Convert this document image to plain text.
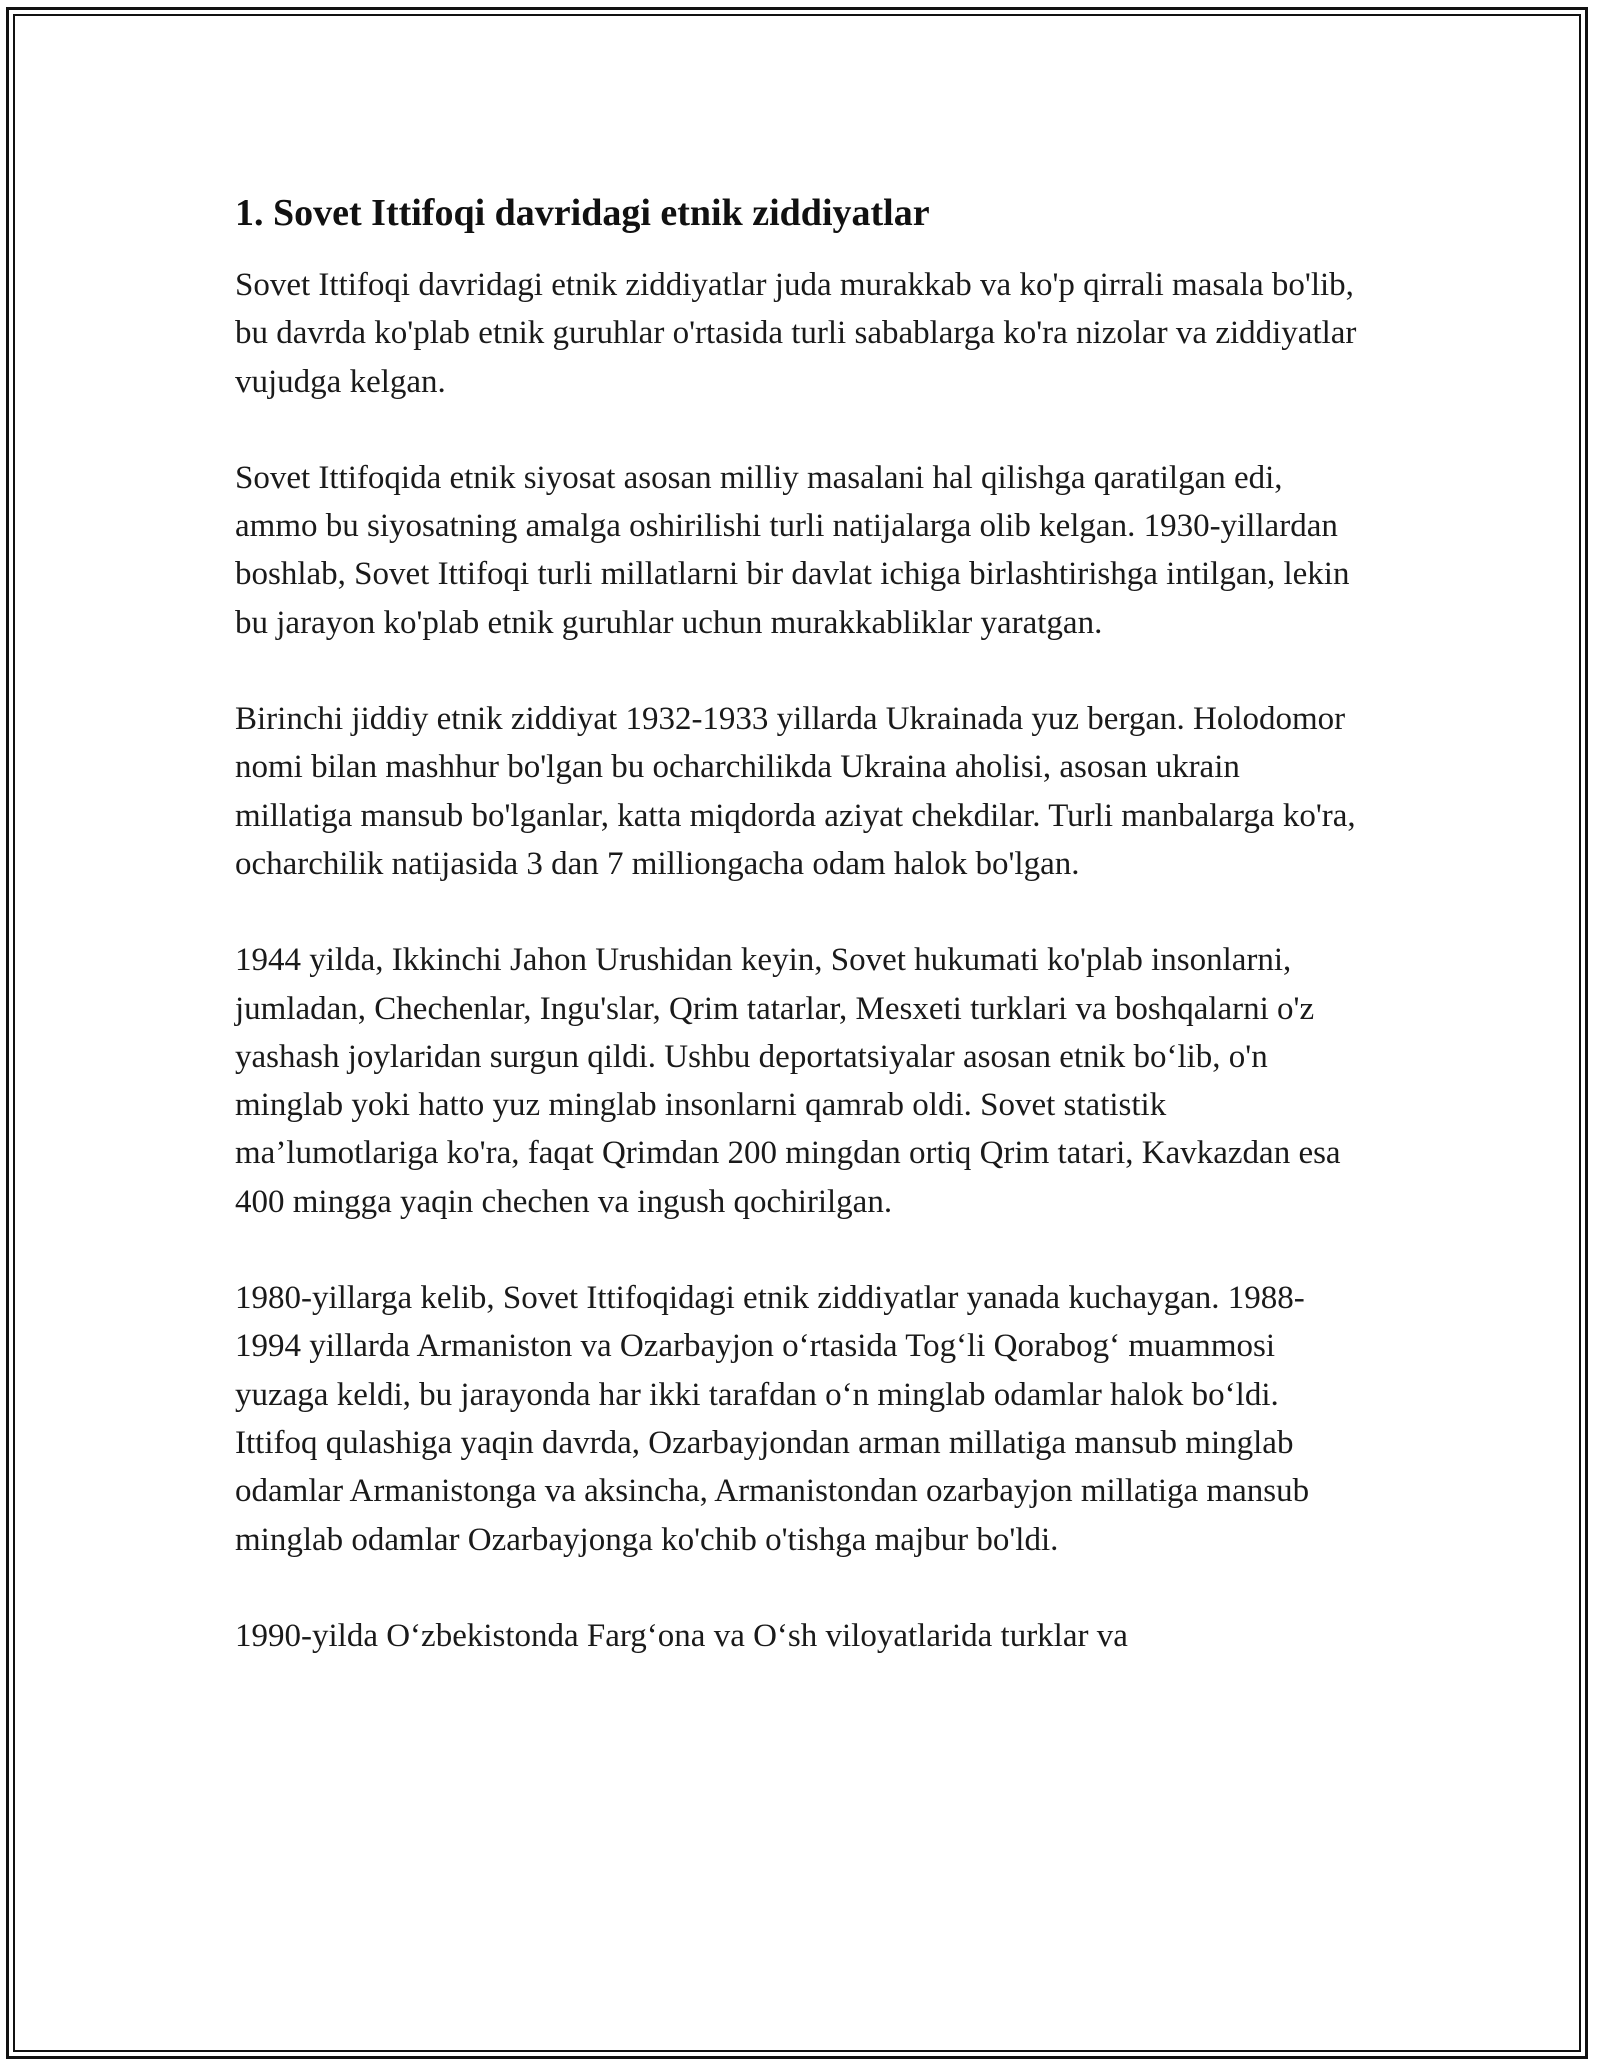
1. Sovet Ittifoqi davridagi etnik ziddiyatlar

Sovet Ittifoqi davridagi etnik ziddiyatlar juda murakkab va ko'p qirrali masala bo'lib, bu davrda ko'plab etnik guruhlar o'rtasida turli sabablarga ko'ra nizolar va ziddiyatlar vujudga kelgan.

Sovet Ittifoqida etnik siyosat asosan milliy masalani hal qilishga qaratilgan edi, ammo bu siyosatning amalga oshirilishi turli natijalarga olib kelgan. 1930-yillardan boshlab, Sovet Ittifoqi turli millatlarni bir davlat ichiga birlashtirishga intilgan, lekin bu jarayon ko'plab etnik guruhlar uchun murakkabliklar yaratgan.

Birinchi jiddiy etnik ziddiyat 1932-1933 yillarda Ukrainada yuz bergan. Holodomor nomi bilan mashhur bo'lgan bu ocharchilikda Ukraina aholisi, asosan ukrain millatiga mansub bo'lganlar, katta miqdorda aziyat chekdilar. Turli manbalarga ko'ra, ocharchilik natijasida 3 dan 7 milliongacha odam halok bo'lgan.

1944 yilda, Ikkinchi Jahon Urushidan keyin, Sovet hukumati ko'plab insonlarni, jumladan, Chechenlar, Ingu'slar, Qrim tatarlar, Mesxeti turklari va boshqalarni o'z yashash joylaridan surgun qildi. Ushbu deportatsiyalar asosan etnik bo‘lib, o'n minglab yoki hatto yuz minglab insonlarni qamrab oldi. Sovet statistik ma’lumotlariga ko'ra, faqat Qrimdan 200 mingdan ortiq Qrim tatari, Kavkazdan esa 400 mingga yaqin chechen va ingush qochirilgan.

1980-yillarga kelib, Sovet Ittifoqidagi etnik ziddiyatlar yanada kuchaygan. 1988-1994 yillarda Armaniston va Ozarbayjon o‘rtasida Tog‘li Qorabog‘ muammosi yuzaga keldi, bu jarayonda har ikki tarafdan o‘n minglab odamlar halok bo‘ldi. Ittifoq qulashiga yaqin davrda, Ozarbayjondan arman millatiga mansub minglab odamlar Armanistonga va aksincha, Armanistondan ozarbayjon millatiga mansub minglab odamlar Ozarbayjonga ko'chib o'tishga majbur bo'ldi.

1990-yilda O‘zbekistonda Farg‘ona va O‘sh viloyatlarida turklar va
